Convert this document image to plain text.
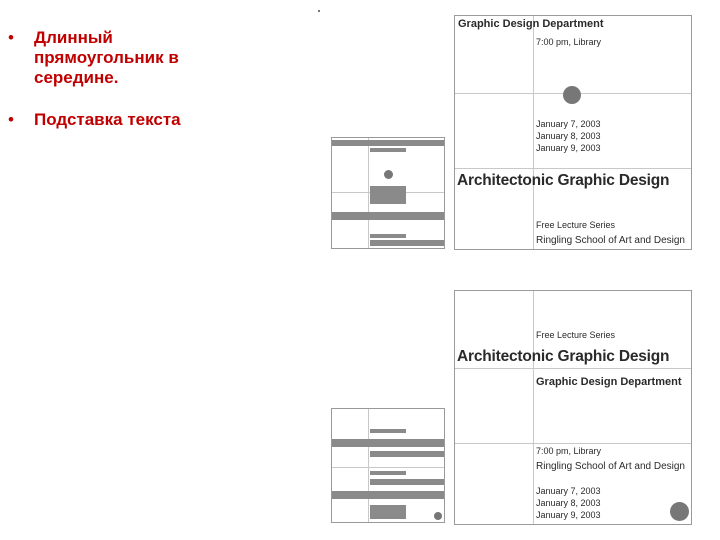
• Длинный прямоугольник в середине.
• Подставка текста
Graphic Design Department
7:00 pm, Library
January 7, 2003
January 8, 2003
January 9, 2003
Architectonic Graphic Design
Free Lecture Series
Ringling School of Art and Design
Free Lecture Series
Architectonic Graphic Design
Graphic Design Department
7:00 pm, Library
Ringling School of Art and Design
January 7, 2003
January 8, 2003
January 9, 2003
